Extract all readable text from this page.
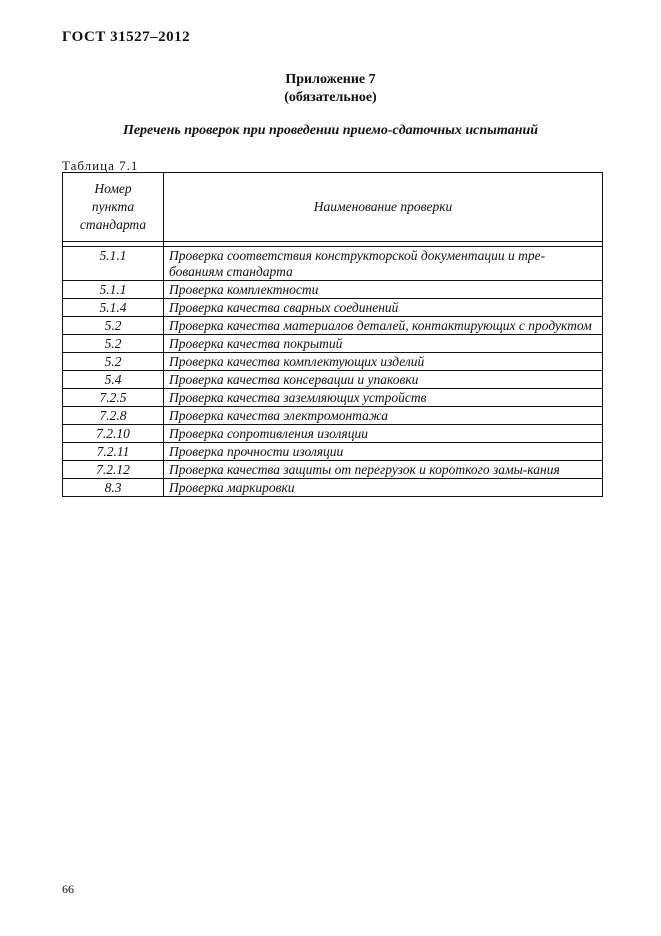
ГОСТ 31527–2012
Приложение 7
(обязательное)
Перечень проверок при проведении приемо-сдаточных испытаний
Таблица 7.1
Номер
пункта
стандарта	Наименование проверки

5.1.1	Проверка соответствия конструкторской документации и тре-бованиям стандарта
5.1.1	Проверка комплектности
5.1.4	Проверка качества сварных соединений
5.2	Проверка качества материалов деталей, контактирующих с продуктом
5.2	Проверка качества покрытий
5.2	Проверка качества комплектующих изделий
5.4	Проверка качества консервации и упаковки
7.2.5	Проверка качества заземляющих устройств
7.2.8	Проверка качества электромонтажа
7.2.10	Проверка сопротивления изоляции
7.2.11	Проверка прочности изоляции
7.2.12	Проверка качества защиты от перегрузок и короткого замы-кания
8.3	Проверка маркировки
66
